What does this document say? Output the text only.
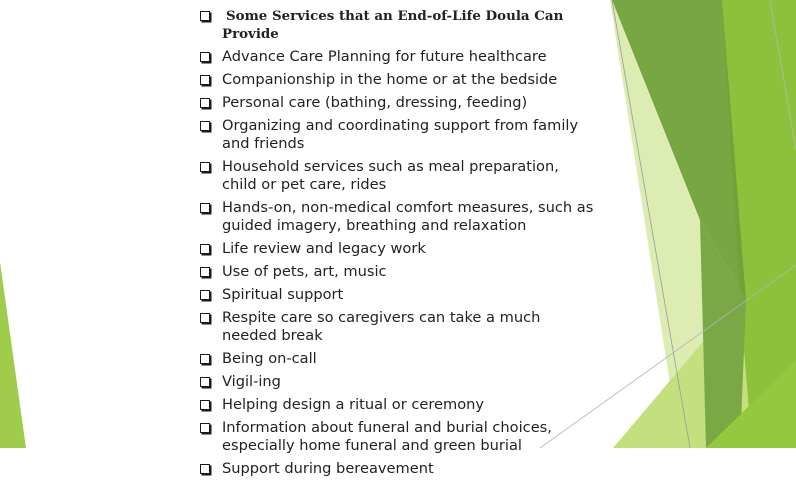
Some Services that an End-of-Life Doula Can Provide
Advance Care Planning for future healthcare
Companionship in the home or at the bedside
Personal care (bathing, dressing, feeding)
Organizing and coordinating support from family and friends
Household services such as meal preparation, child or pet care, rides
Hands-on, non-medical comfort measures, such as guided imagery, breathing and relaxation
Life review and legacy work
Use of pets, art, music
Spiritual support
Respite care so caregivers can take a much needed break
Being on-call
Vigil-ing
Helping design a ritual or ceremony
Information about funeral and burial choices, especially home funeral and green burial
Support during bereavement
